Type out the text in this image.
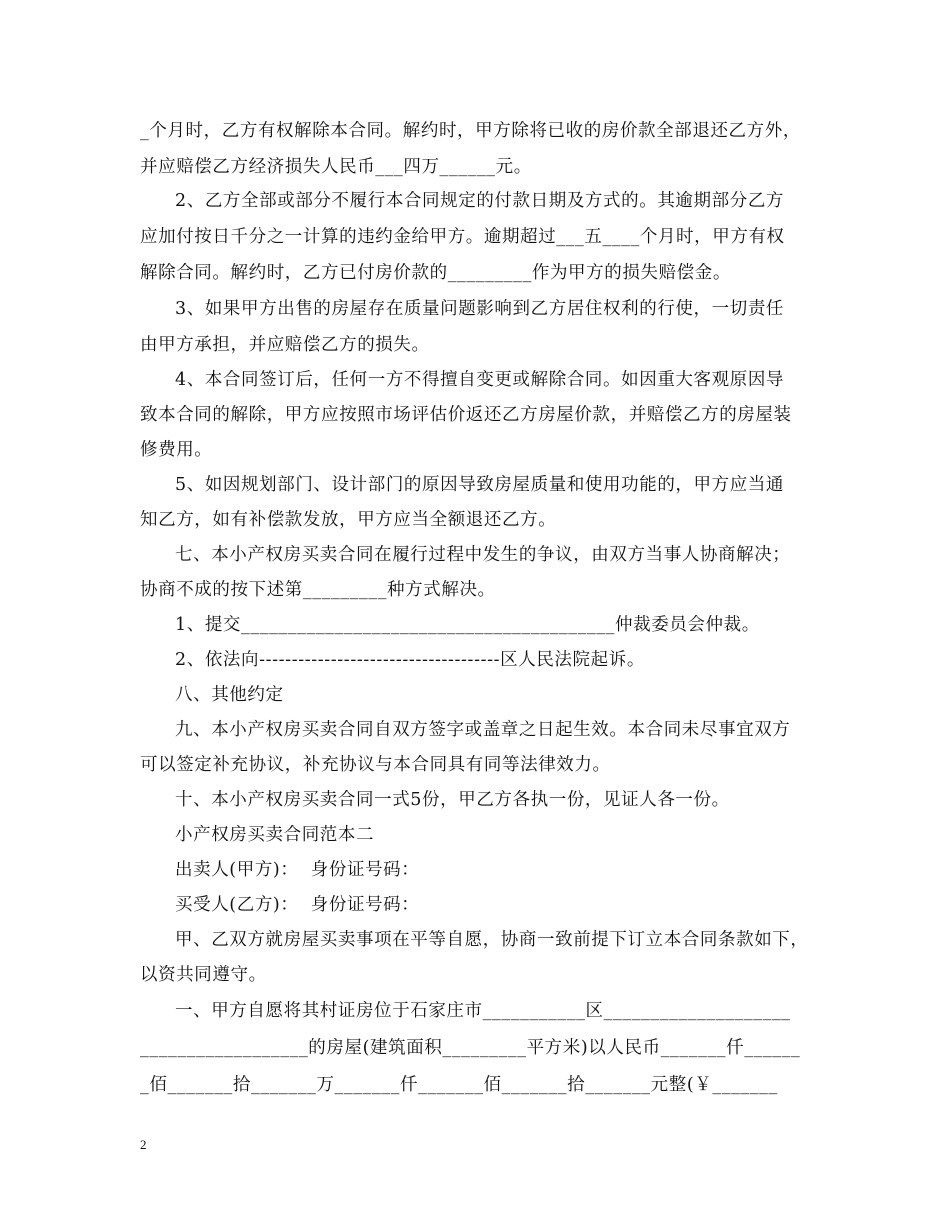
_个月时，乙方有权解除本合同。解约时，甲方除将已收的房价款全部退还乙方外，
并应赔偿乙方经济损失人民币___四万______元。
2、乙方全部或部分不履行本合同规定的付款日期及方式的。其逾期部分乙方
应加付按日千分之一计算的违约金给甲方。逾期超过___五____个月时，甲方有权
解除合同。解约时，乙方已付房价款的_________作为甲方的损失赔偿金。
3、如果甲方出售的房屋存在质量问题影响到乙方居住权利的行使，一切责任
由甲方承担，并应赔偿乙方的损失。
4、本合同签订后，任何一方不得擅自变更或解除合同。如因重大客观原因导
致本合同的解除，甲方应按照市场评估价返还乙方房屋价款，并赔偿乙方的房屋装
修费用。
5、如因规划部门、设计部门的原因导致房屋质量和使用功能的，甲方应当通
知乙方，如有补偿款发放，甲方应当全额退还乙方。
七、本小产权房买卖合同在履行过程中发生的争议，由双方当事人协商解决；
协商不成的按下述第_________种方式解决。
1、提交________________________________________仲裁委员会仲裁。
2、依法向-------------------------------------区人民法院起诉。
八、其他约定
九、本小产权房买卖合同自双方签字或盖章之日起生效。本合同未尽事宜双方
可以签定补充协议，补充协议与本合同具有同等法律效力。
十、本小产权房买卖合同一式5份，甲乙方各执一份，见证人各一份。
小产权房买卖合同范本二
出卖人(甲方)：  身份证号码：
买受人(乙方)：  身份证号码：
甲、乙双方就房屋买卖事项在平等自愿，协商一致前提下订立本合同条款如下，
以资共同遵守。
一、甲方自愿将其村证房位于石家庄市___________区____________________
__________________的房屋(建筑面积_________平方米)以人民币_______仟______
_佰_______拾_______万_______仟_______佰_______拾_______元整(￥_______
2
